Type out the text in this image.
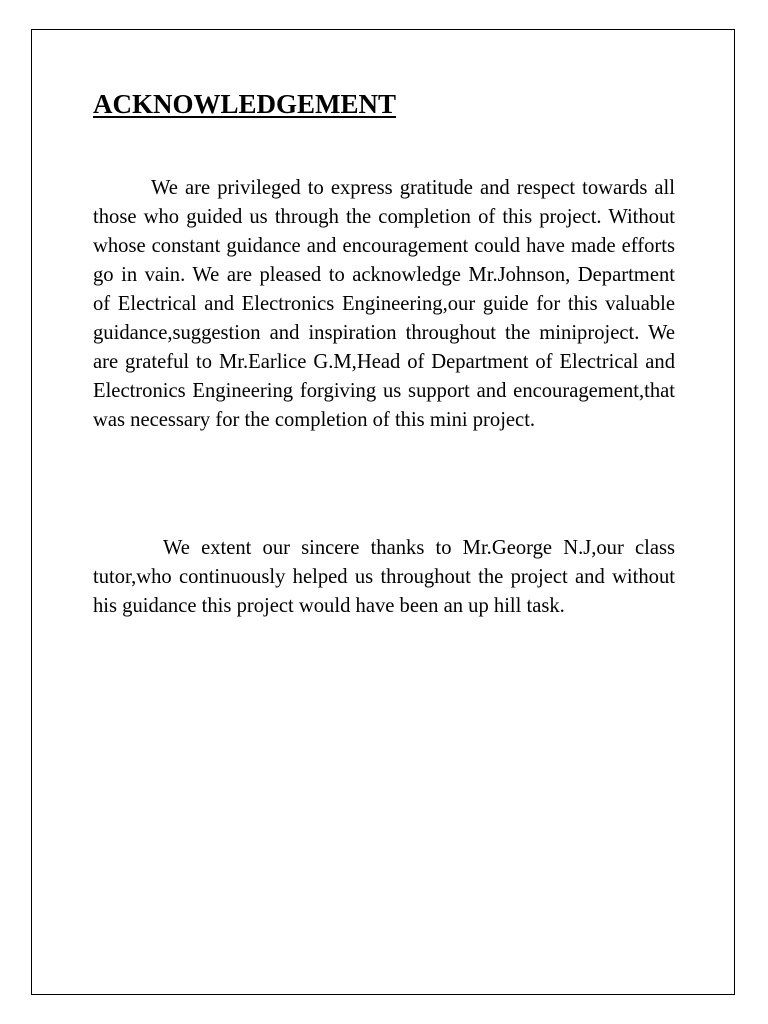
ACKNOWLEDGEMENT

We are privileged to express gratitude and respect towards all those who guided us through the completion of this project. Without whose constant guidance and encouragement could have made efforts go in vain. We are pleased to acknowledge Mr.Johnson, Department of Electrical and Electronics Engineering,our guide for this valuable guidance,suggestion and inspiration throughout the miniproject. We are grateful to Mr.Earlice G.M,Head of Department of Electrical and Electronics Engineering forgiving us support and encouragement,that was necessary for the completion of this mini project.

We extent our sincere thanks to Mr.George N.J,our class tutor,who continuously helped us throughout the project and without his guidance this project would have been an up hill task.
